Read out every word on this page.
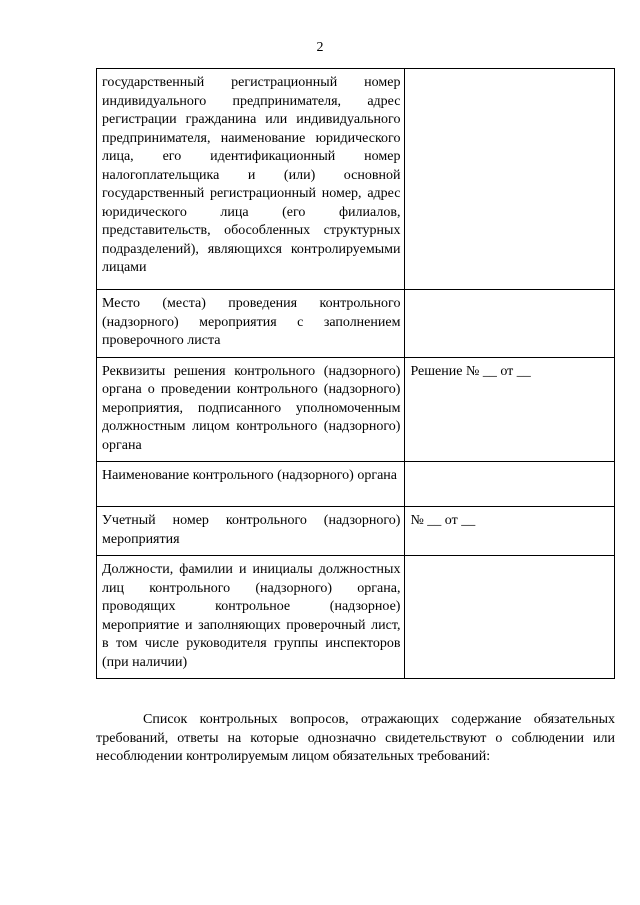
2
государственный регистрационный номер индивидуального предпринимателя, адрес регистрации гражданина или индивидуального предпринимателя, наименование юридического лица, его идентификационный номер налогоплательщика и (или) основной государственный регистрационный номер, адрес юридического лица (его филиалов, представительств, обособленных структурных подразделений), являющихся контролируемыми лицами	
Место (места) проведения контрольного (надзорного) мероприятия с заполнением проверочного листа	
Реквизиты решения контрольного (надзорного) органа о проведении контрольного (надзорного) мероприятия, подписанного уполномоченным должностным лицом контрольного (надзорного) органа	Решение № __ от __
Наименование контрольного (надзорного) органа	
Учетный номер контрольного (надзорного) мероприятия	№ __ от __
Должности, фамилии и инициалы должностных лиц контрольного (надзорного) органа, проводящих контрольное (надзорное) мероприятие и заполняющих проверочный лист, в том числе руководителя группы инспекторов (при наличии)	

Список контрольных вопросов, отражающих содержание обязательных требований, ответы на которые однозначно свидетельствуют о соблюдении или несоблюдении контролируемым лицом обязательных требований:
